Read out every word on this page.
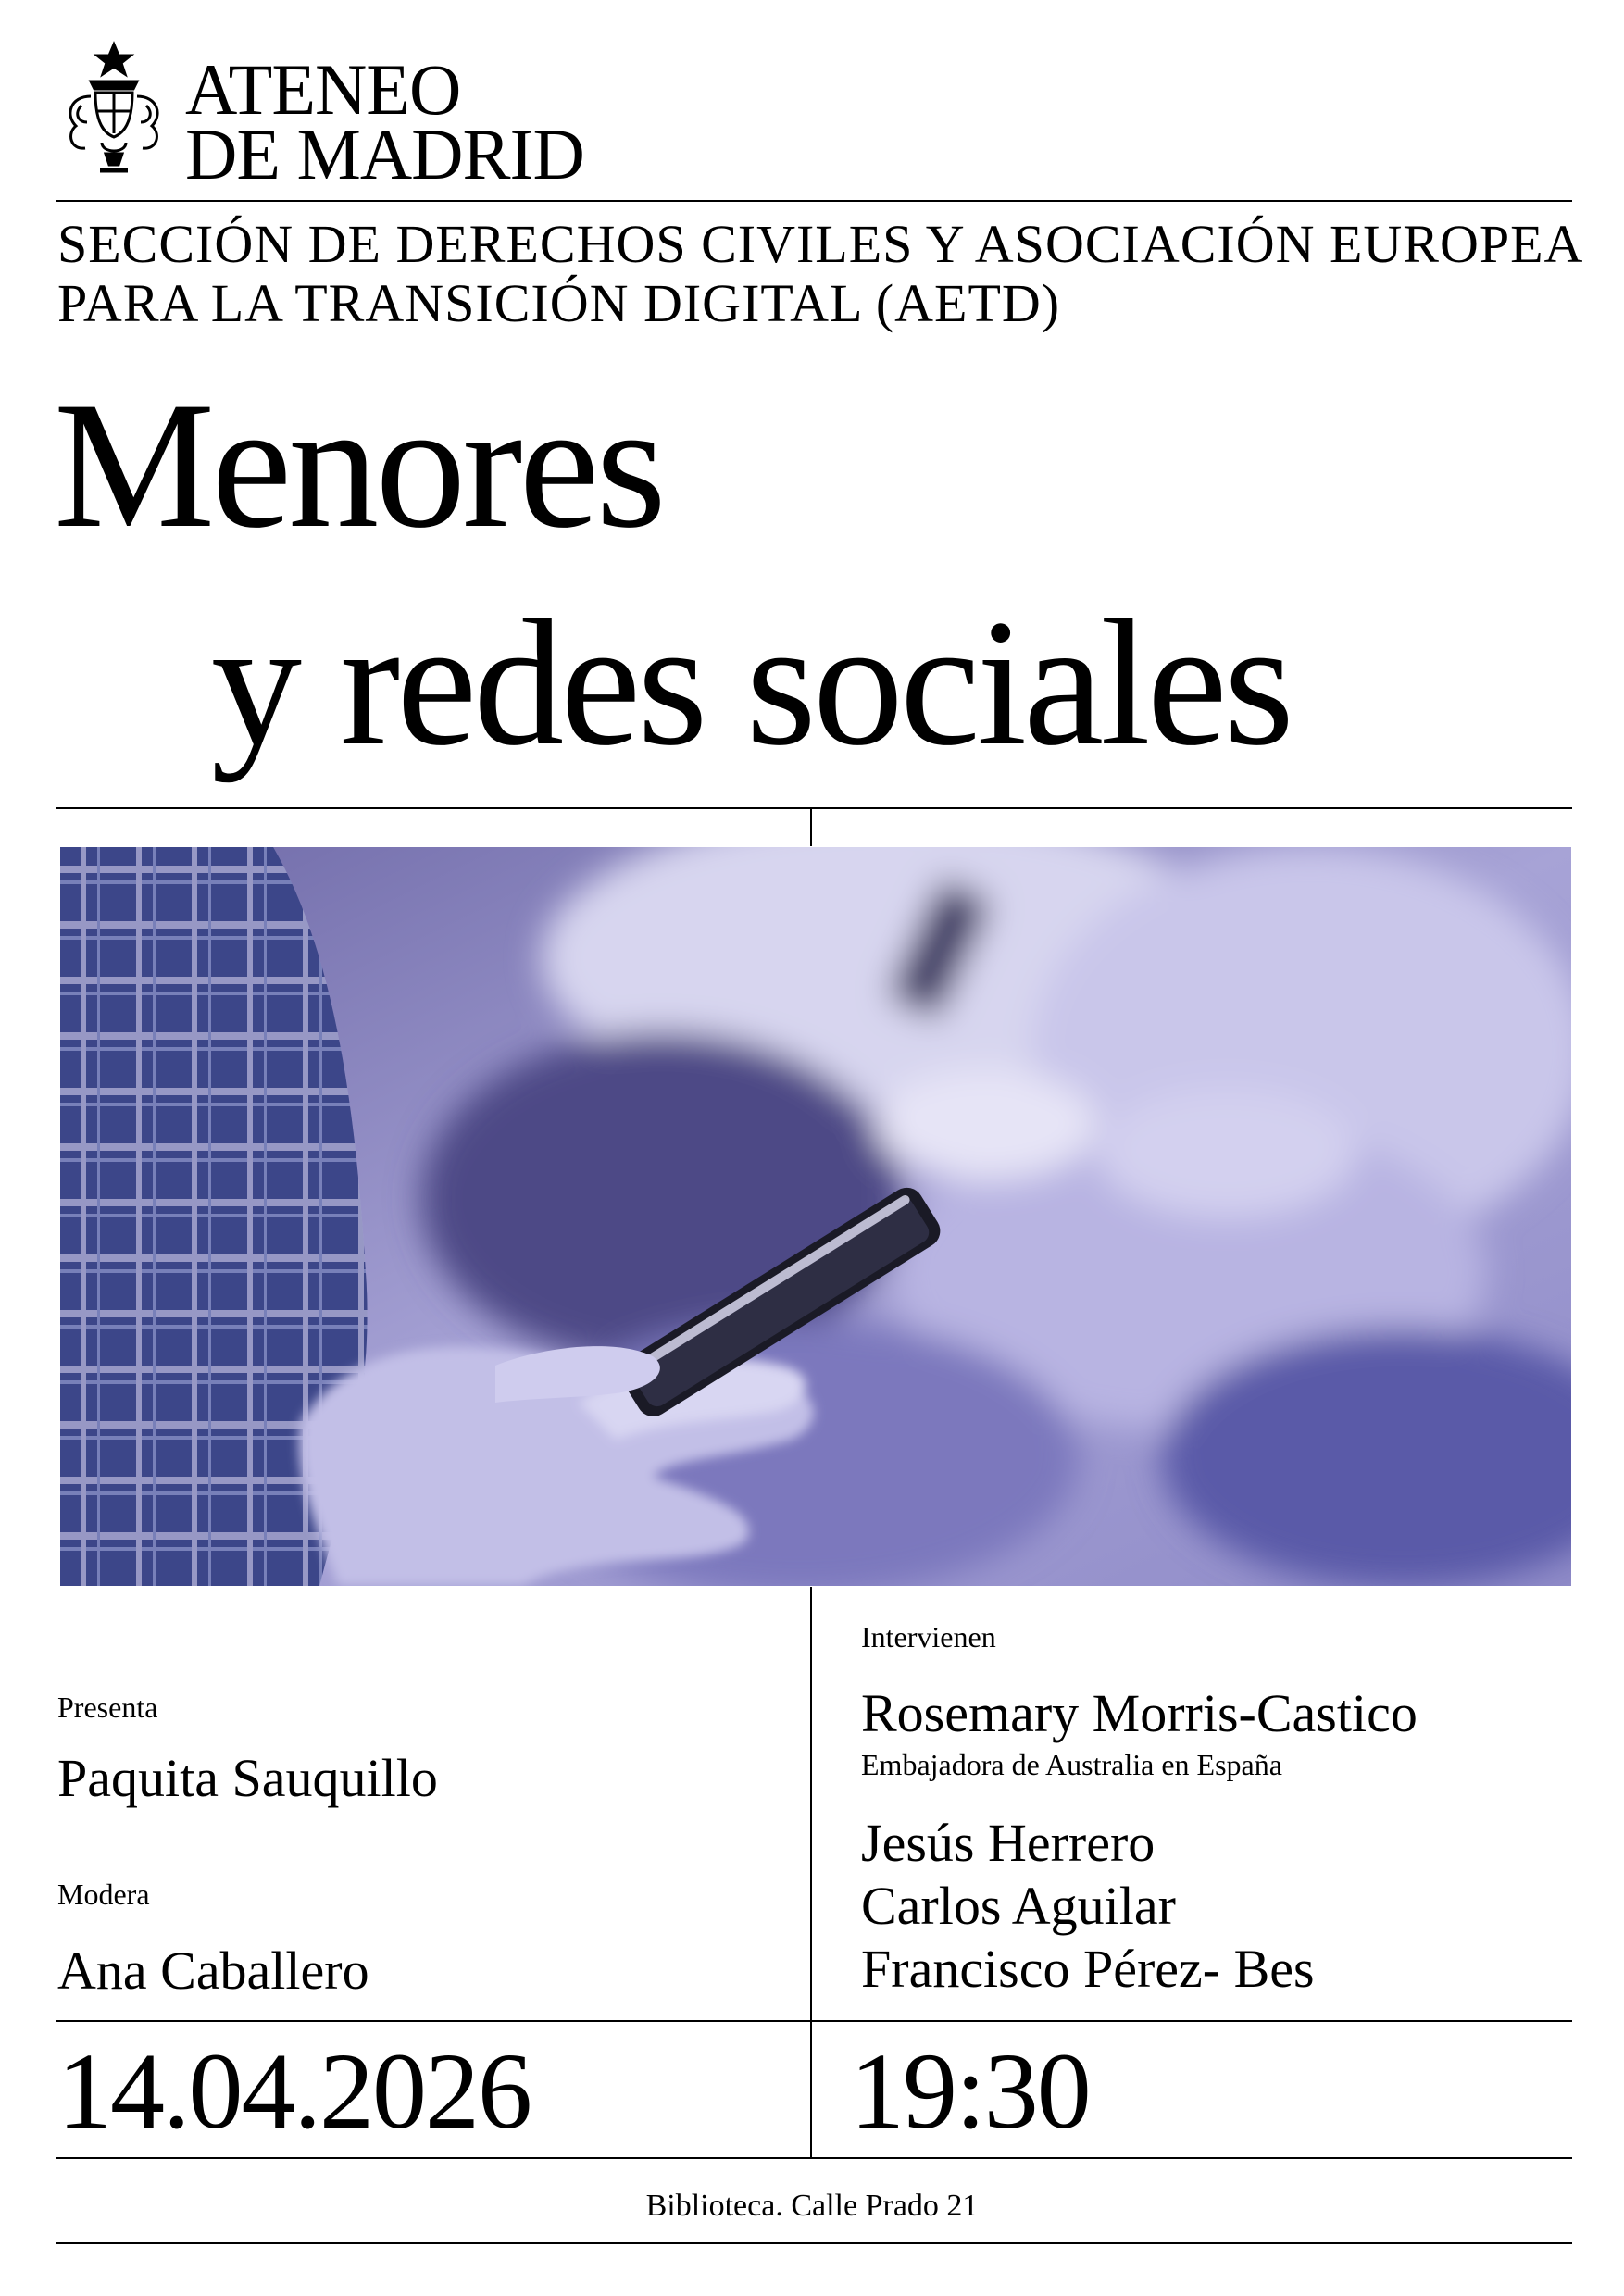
ATENEO
DE MADRID
SECCIÓN DE DERECHOS CIVILES Y ASOCIACIÓN EUROPEA
PARA LA TRANSICIÓN DIGITAL (AETD)
Menores
y redes sociales
Presenta
Paquita Sauquillo
Modera
Ana Caballero
Intervienen
Rosemary Morris-Castico
Embajadora de Australia en España
Jesús Herrero
Carlos Aguilar
Francisco Pérez- Bes
14.04.2026	19:30
Biblioteca. Calle Prado 21
